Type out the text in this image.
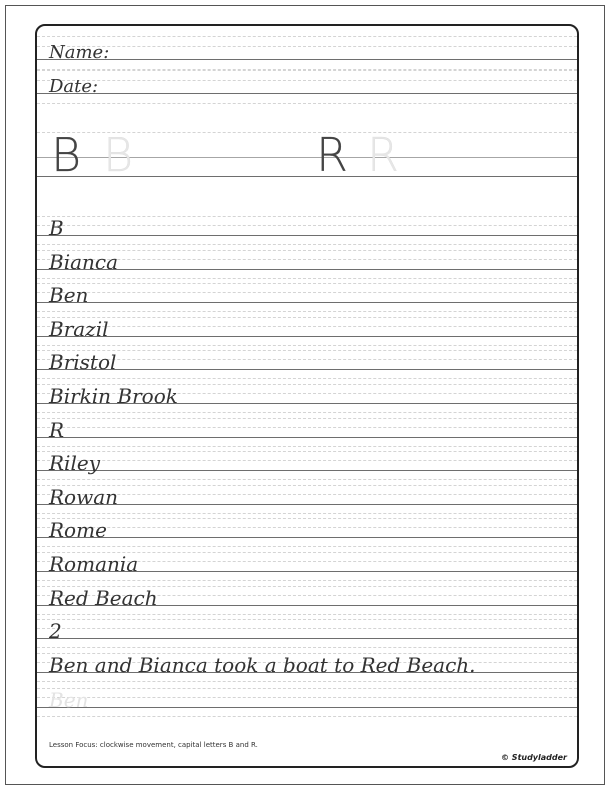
Name:
Date:
B B	R R
B
Bianca
Ben
Brazil
Bristol
Birkin Brook
R
Riley
Rowan
Rome
Romania
Red Beach
2
Ben and Bianca took a boat to Red Beach.
Ben
Lesson Focus: clockwise movement, capital letters B and R.
© Studyladder
